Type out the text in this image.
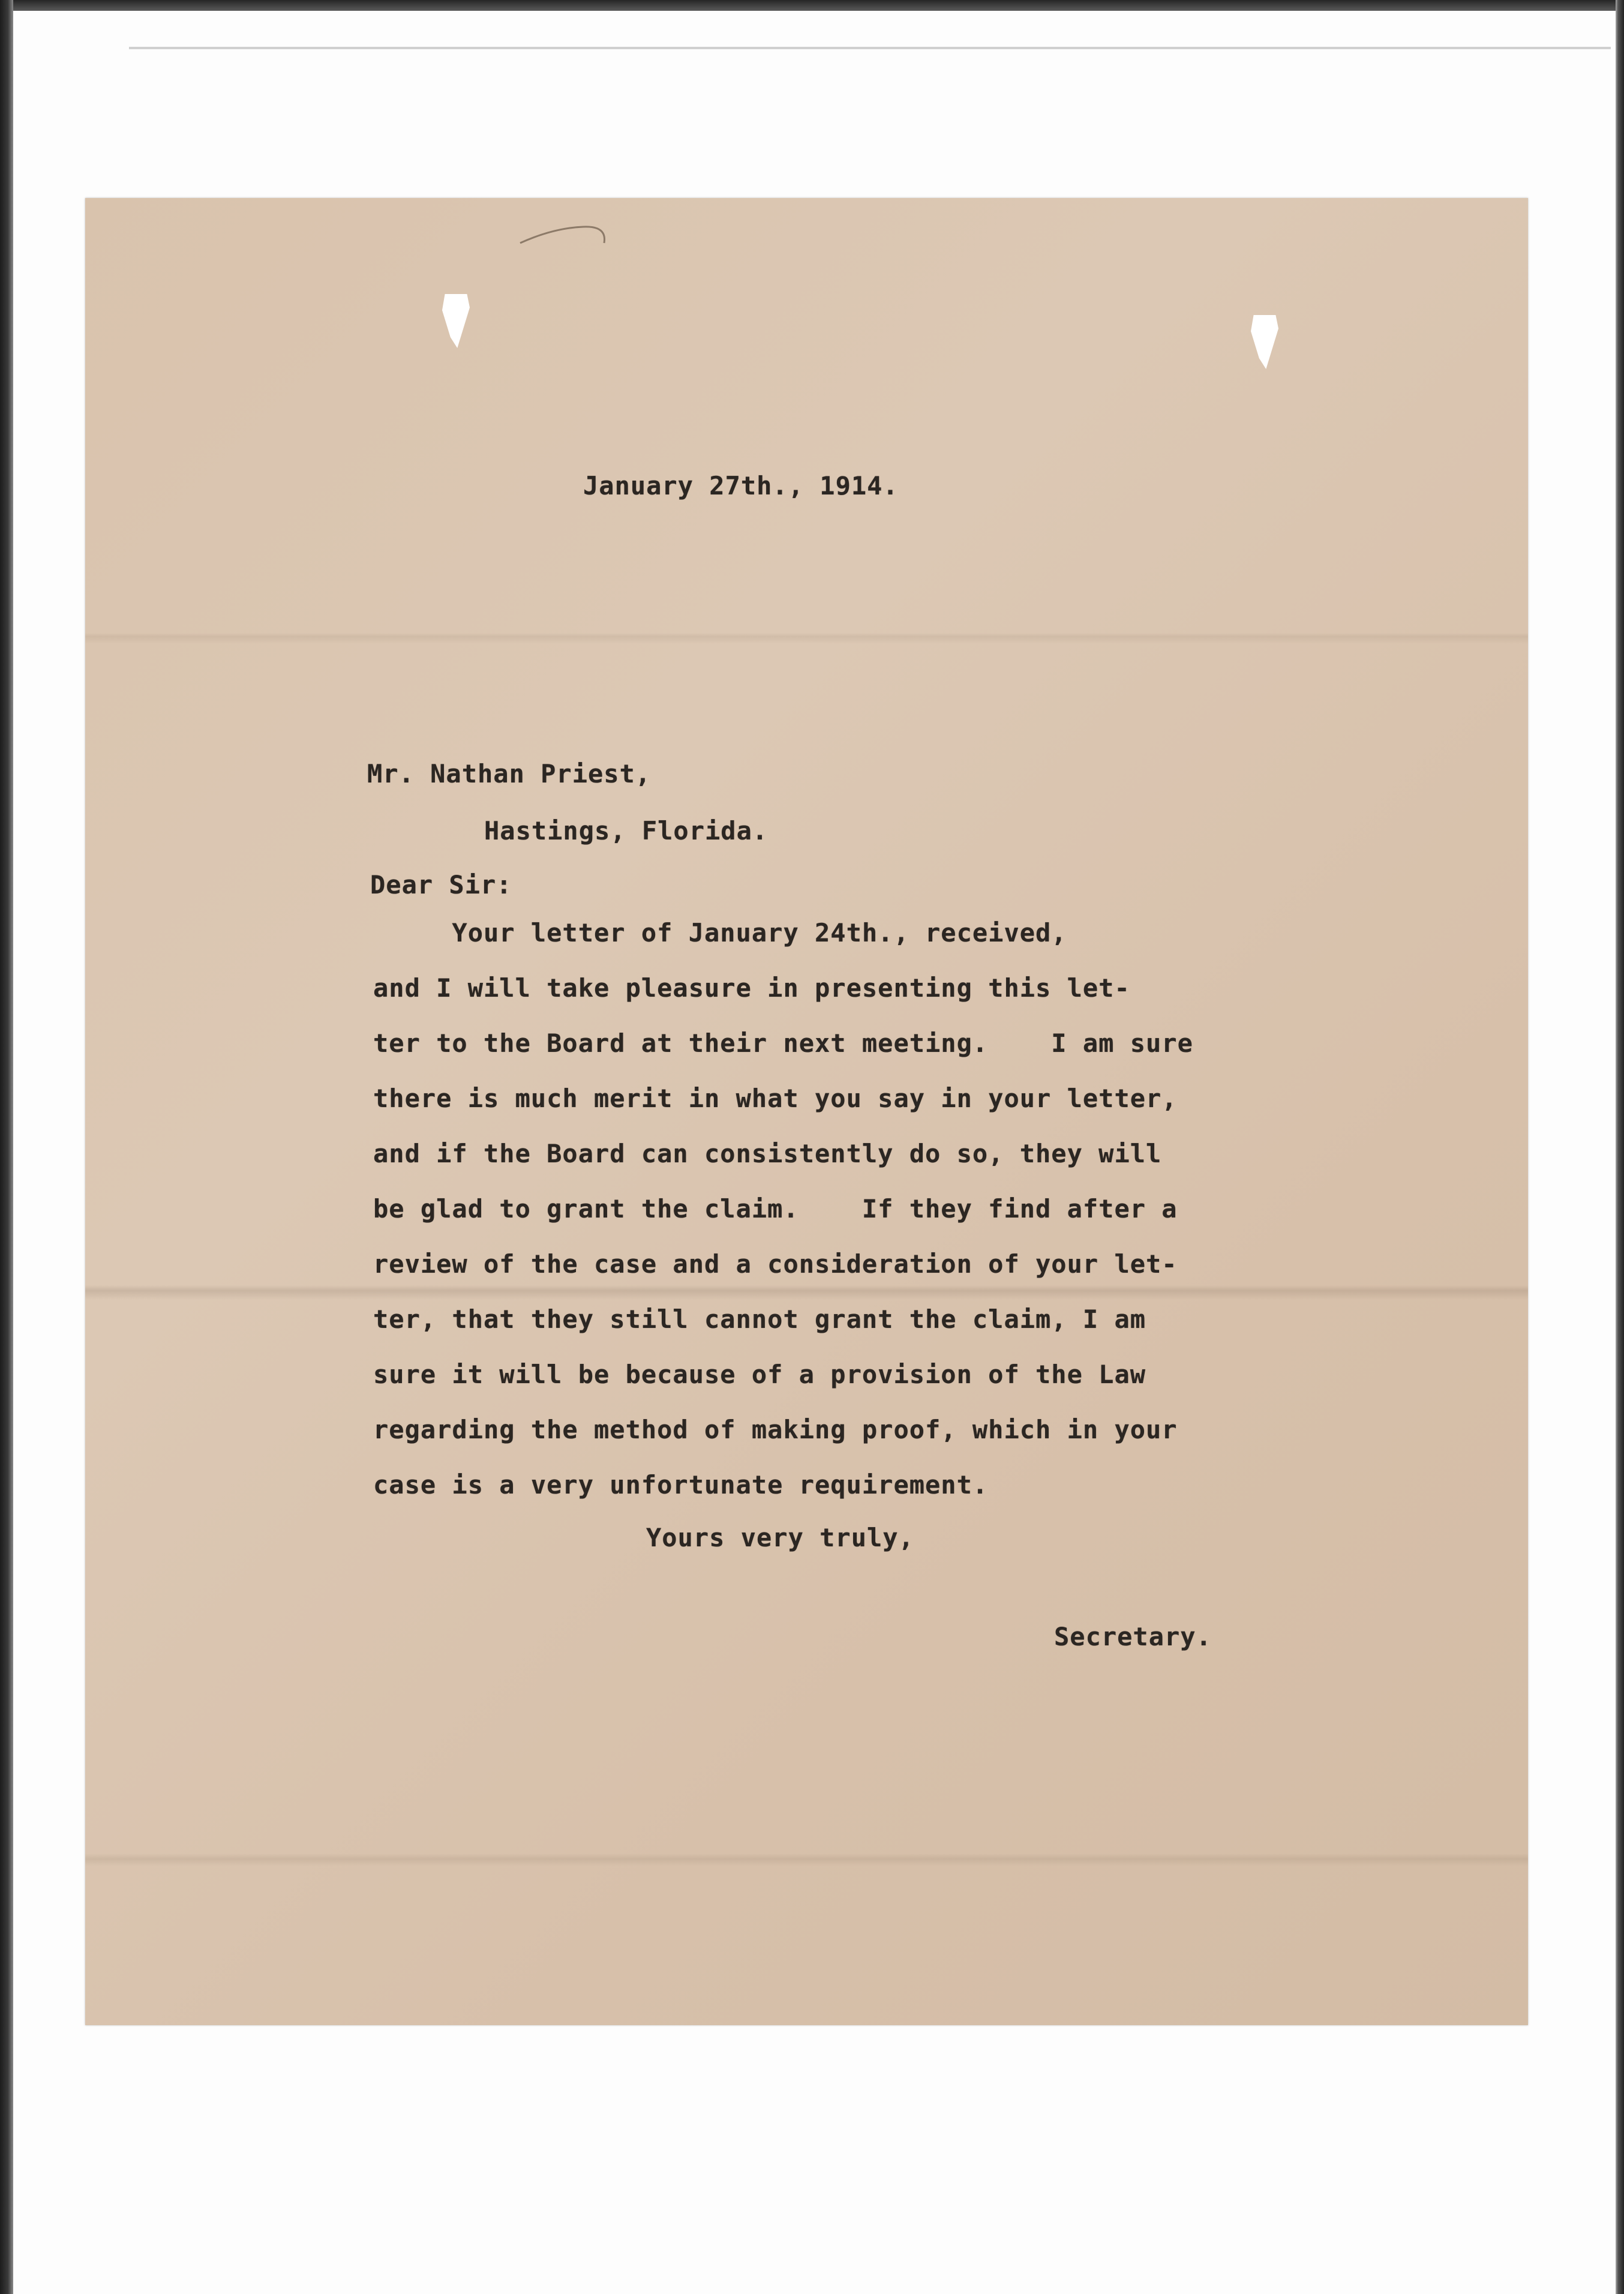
January 27th., 1914.
Mr. Nathan Priest,
Hastings, Florida.
Dear Sir:
Your letter of January 24th., received,
and I will take pleasure in presenting this let-
ter to the Board at their next meeting.    I am sure
there is much merit in what you say in your letter,
and if the Board can consistently do so, they will
be glad to grant the claim.    If they find after a
review of the case and a consideration of your let-
ter, that they still cannot grant the claim, I am
sure it will be because of a provision of the Law
regarding the method of making proof, which in your
case is a very unfortunate requirement.
Yours very truly,
Secretary.
